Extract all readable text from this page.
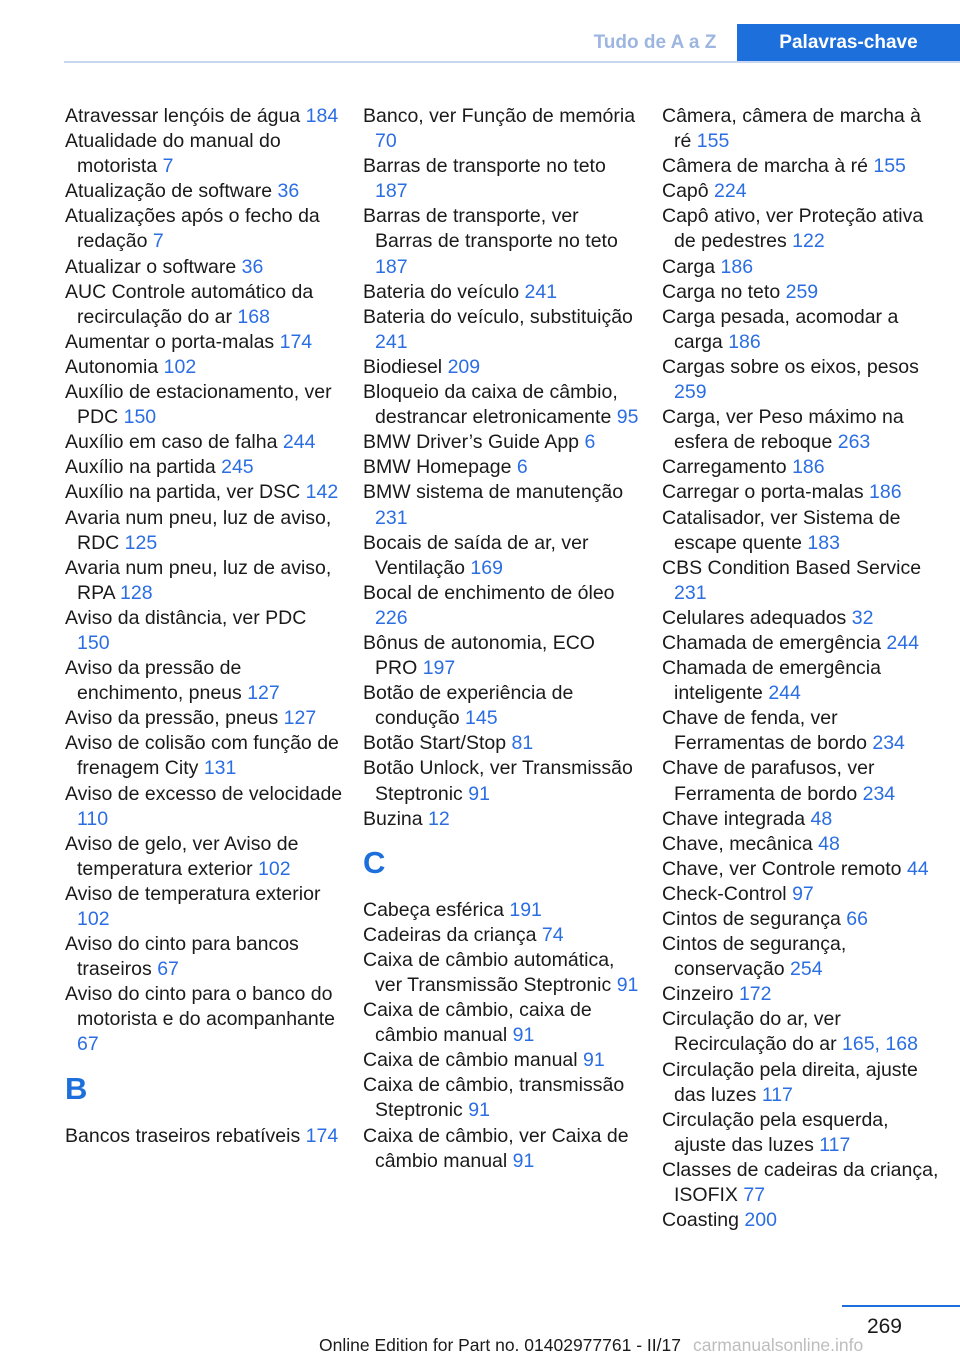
Tudo de A a Z	Palavras-chave
Atravessar lençóis de água 184
Atualidade do manual do motorista 7
Atualização de software 36
Atualizações após o fecho da redação 7
Atualizar o software 36
AUC Controle automático da recirculação do ar 168
Aumentar o porta-malas 174
Autonomia 102
Auxílio de estacionamento, ver PDC 150
Auxílio em caso de falha 244
Auxílio na partida 245
Auxílio na partida, ver DSC 142
Avaria num pneu, luz de aviso, RDC 125
Avaria num pneu, luz de aviso, RPA 128
Aviso da distância, ver PDC 150
Aviso da pressão de enchimento, pneus 127
Aviso da pressão, pneus 127
Aviso de colisão com função de frenagem City 131
Aviso de excesso de velocidade 110
Aviso de gelo, ver Aviso de temperatura exterior 102
Aviso de temperatura exterior 102
Aviso do cinto para bancos traseiros 67
Aviso do cinto para o banco do motorista e do acompanhante 67
B
Bancos traseiros rebatíveis 174
Banco, ver Função de memória 70
Barras de transporte no teto 187
Barras de transporte, ver Barras de transporte no teto 187
Bateria do veículo 241
Bateria do veículo, substituição 241
Biodiesel 209
Bloqueio da caixa de câmbio, destrancar eletronicamente 95
BMW Driver’s Guide App 6
BMW Homepage 6
BMW sistema de manutenção 231
Bocais de saída de ar, ver Ventilação 169
Bocal de enchimento de óleo 226
Bônus de autonomia, ECO PRO 197
Botão de experiência de condução 145
Botão Start/Stop 81
Botão Unlock, ver Transmissão Steptronic 91
Buzina 12
C
Cabeça esférica 191
Cadeiras da criança 74
Caixa de câmbio automática, ver Transmissão Steptronic 91
Caixa de câmbio, caixa de câmbio manual 91
Caixa de câmbio manual 91
Caixa de câmbio, transmissão Steptronic 91
Caixa de câmbio, ver Caixa de câmbio manual 91
Câmera, câmera de marcha à ré 155
Câmera de marcha à ré 155
Capô 224
Capô ativo, ver Proteção ativa de pedestres 122
Carga 186
Carga no teto 259
Carga pesada, acomodar a carga 186
Cargas sobre os eixos, pesos 259
Carga, ver Peso máximo na esfera de reboque 263
Carregamento 186
Carregar o porta-malas 186
Catalisador, ver Sistema de escape quente 183
CBS Condition Based Service 231
Celulares adequados 32
Chamada de emergência 244
Chamada de emergência inteligente 244
Chave de fenda, ver Ferramentas de bordo 234
Chave de parafusos, ver Ferramenta de bordo 234
Chave integrada 48
Chave, mecânica 48
Chave, ver Controle remoto 44
Check-Control 97
Cintos de segurança 66
Cintos de segurança, conservação 254
Cinzeiro 172
Circulação do ar, ver Recirculação do ar 165, 168
Circulação pela direita, ajuste das luzes 117
Circulação pela esquerda, ajuste das luzes 117
Classes de cadeiras da criança, ISOFIX 77
Coasting 200
269
Online Edition for Part no. 01402977761 - II/17 carmanualsonline.info
